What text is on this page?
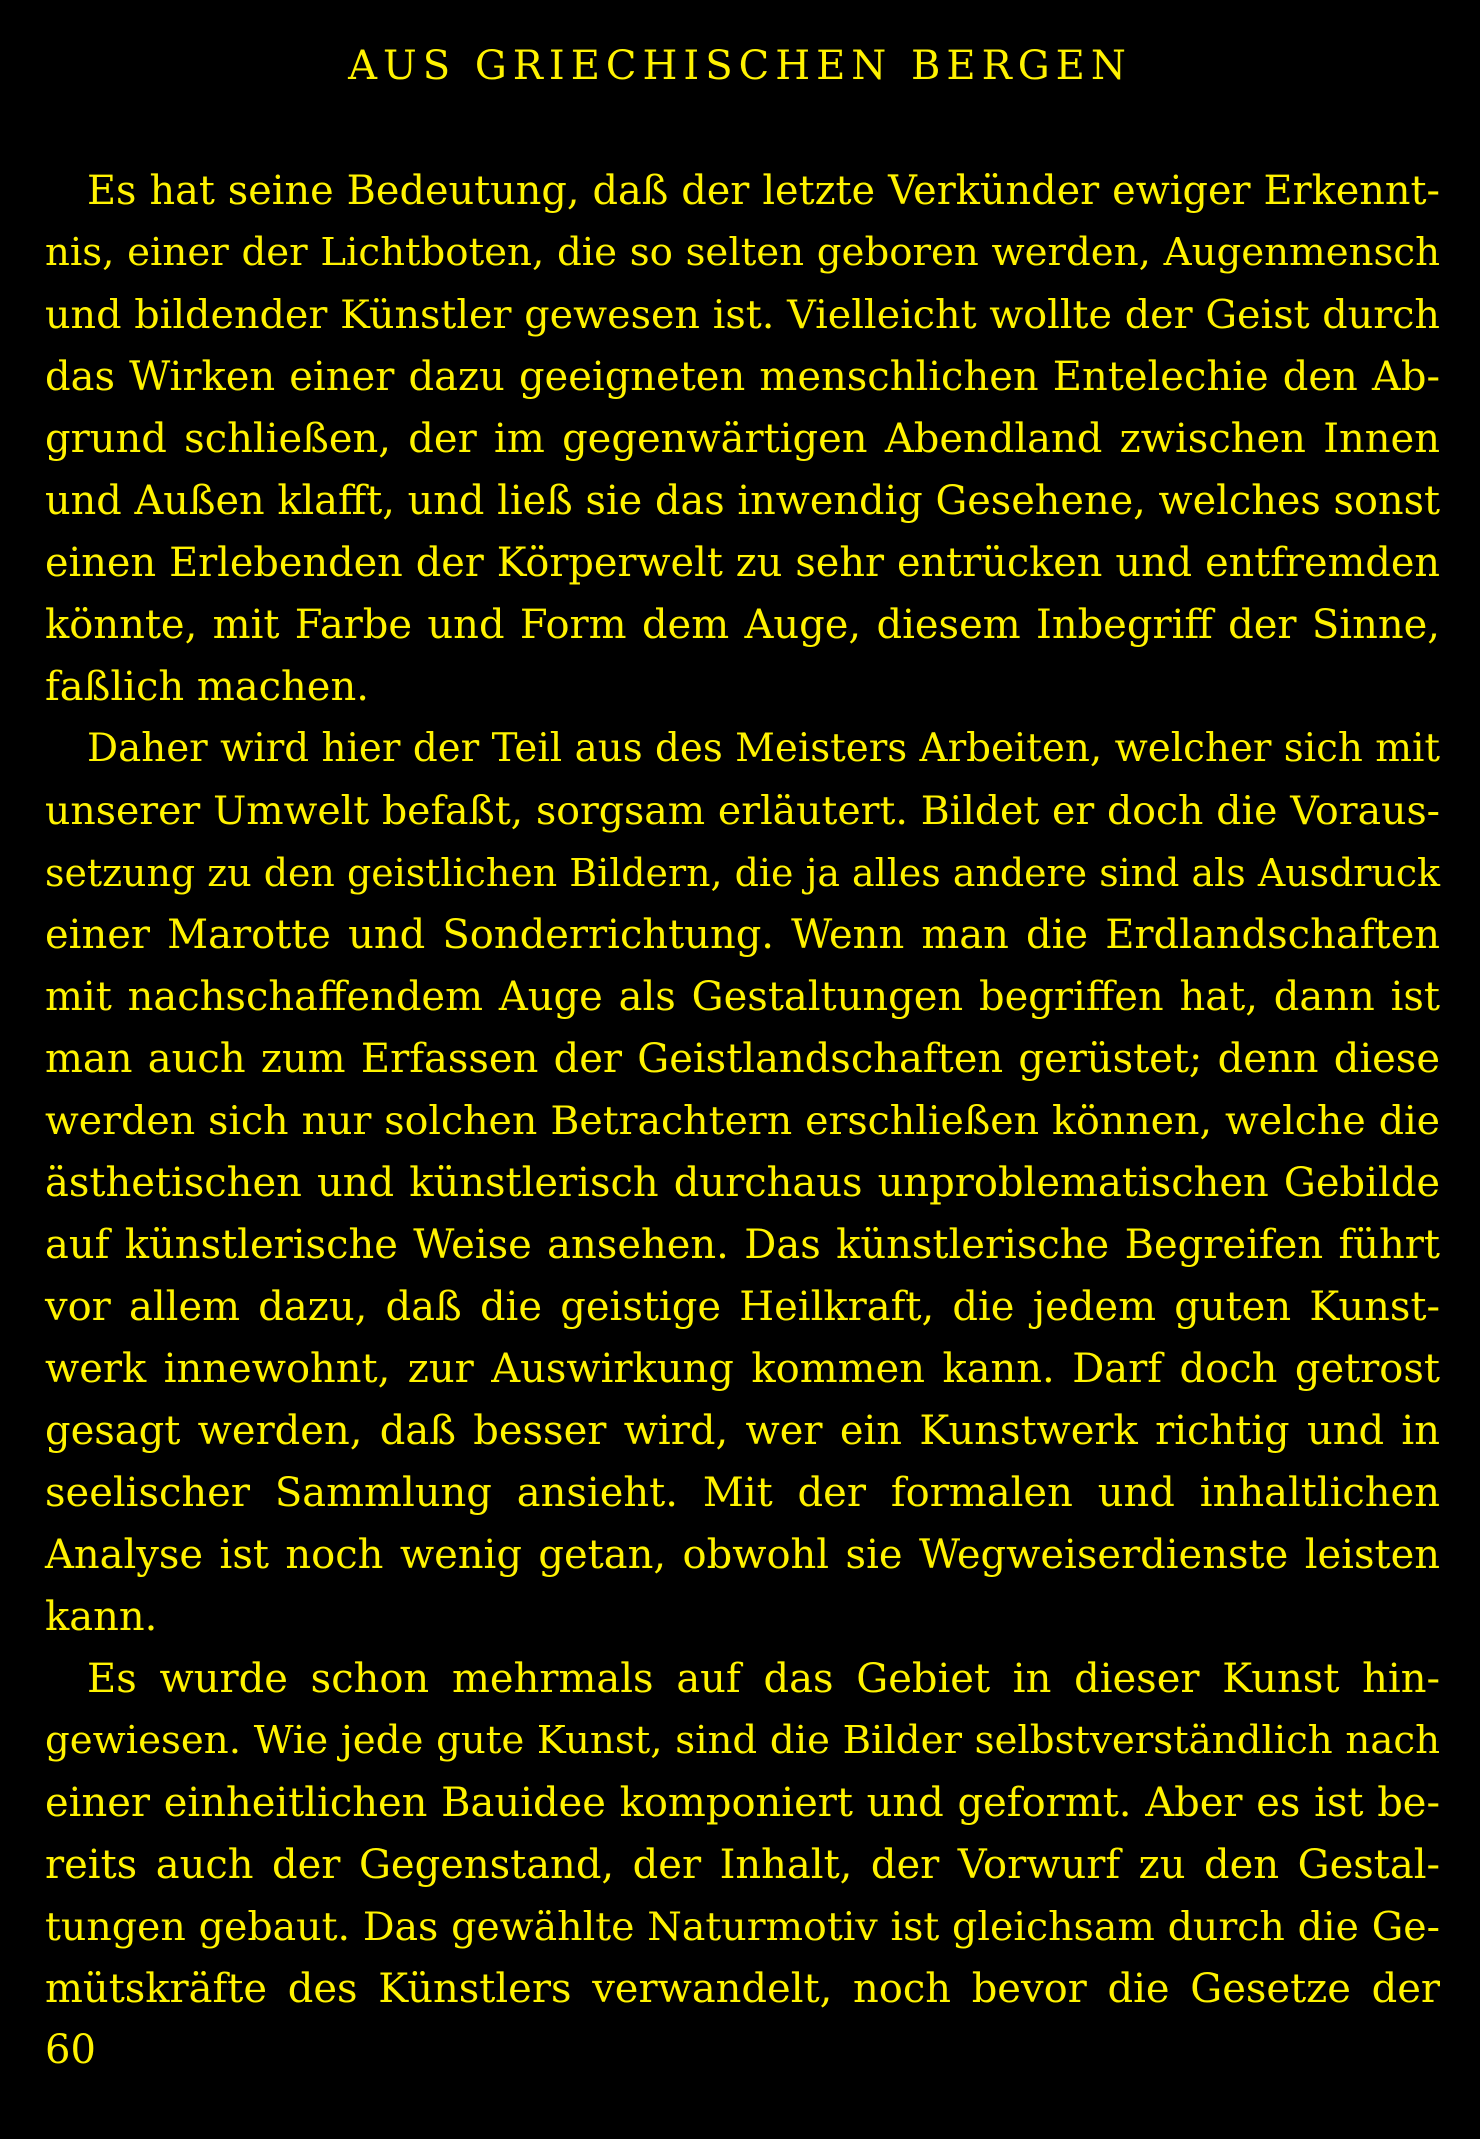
AUS GRIECHISCHEN BERGEN
Es hat seine Bedeutung, daß der letzte Verkünder ewiger Erkennt-
nis, einer der Lichtboten, die so selten geboren werden, Augenmensch
und bildender Künstler gewesen ist. Vielleicht wollte der Geist durch
das Wirken einer dazu geeigneten menschlichen Entelechie den Ab-
grund schließen, der im gegenwärtigen Abendland zwischen Innen
und Außen klafft, und ließ sie das inwendig Gesehene, welches sonst
einen Erlebenden der Körperwelt zu sehr entrücken und entfremden
könnte, mit Farbe und Form dem Auge, diesem Inbegriff der Sinne,
faßlich machen.
Daher wird hier der Teil aus des Meisters Arbeiten, welcher sich mit
unserer Umwelt befaßt, sorgsam erläutert. Bildet er doch die Voraus-
setzung zu den geistlichen Bildern, die ja alles andere sind als Ausdruck
einer Marotte und Sonderrichtung. Wenn man die Erdlandschaften
mit nachschaffendem Auge als Gestaltungen begriffen hat, dann ist
man auch zum Erfassen der Geistlandschaften gerüstet; denn diese
werden sich nur solchen Betrachtern erschließen können, welche die
ästhetischen und künstlerisch durchaus unproblematischen Gebilde
auf künstlerische Weise ansehen. Das künstlerische Begreifen führt
vor allem dazu, daß die geistige Heilkraft, die jedem guten Kunst-
werk innewohnt, zur Auswirkung kommen kann. Darf doch getrost
gesagt werden, daß besser wird, wer ein Kunstwerk richtig und in
seelischer Sammlung ansieht. Mit der formalen und inhaltlichen
Analyse ist noch wenig getan, obwohl sie Wegweiserdienste leisten
kann.
Es wurde schon mehrmals auf das Gebiet in dieser Kunst hin-
gewiesen. Wie jede gute Kunst, sind die Bilder selbstverständlich nach
einer einheitlichen Bauidee komponiert und geformt. Aber es ist be-
reits auch der Gegenstand, der Inhalt, der Vorwurf zu den Gestal-
tungen gebaut. Das gewählte Naturmotiv ist gleichsam durch die Ge-
mütskräfte des Künstlers verwandelt, noch bevor die Gesetze der
60
